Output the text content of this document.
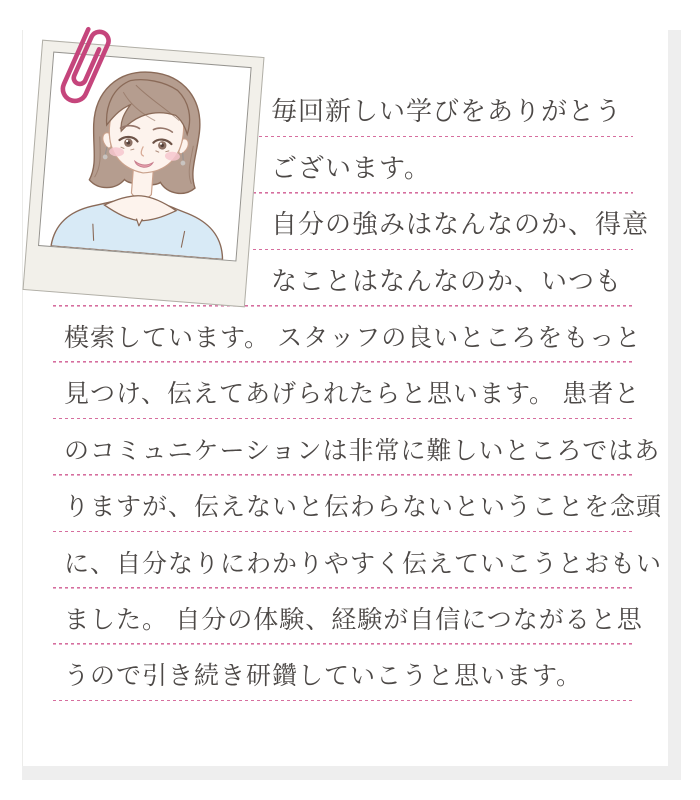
毎回新しい学びをありがとう
ございます。
自分の強みはなんなのか、得意
なことはなんなのか、いつも
模索しています。 スタッフの良いところをもっと
見つけ、伝えてあげられたらと思います。 患者と
のコミュニケーションは非常に難しいところではあ
りますが、伝えないと伝わらないということを念頭
に、自分なりにわかりやすく伝えていこうとおもい
ました。 自分の体験、経験が自信につながると思
うので引き続き研鑽していこうと思います。
